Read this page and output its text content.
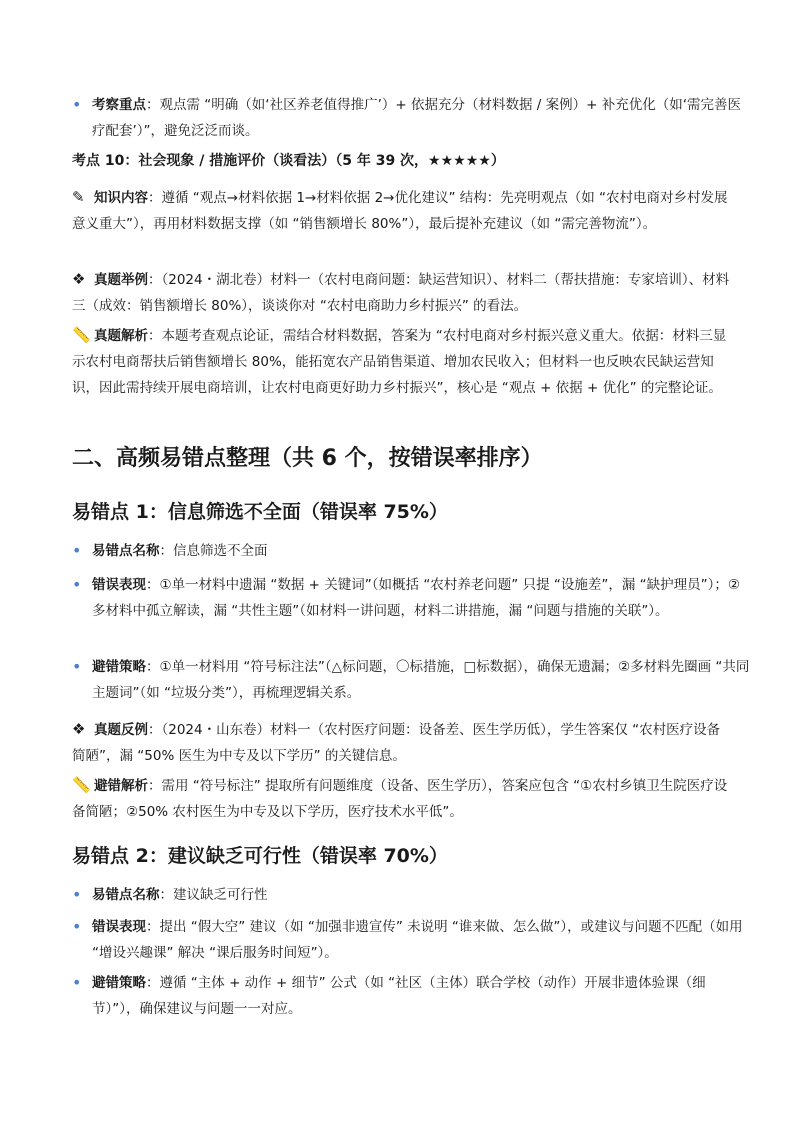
• 考察重点：观点需 “明确（如‘社区养老值得推广’）+ 依据充分（材料数据 / 案例）+ 补充优化（如‘需完善医疗配套’）”，避免泛泛而谈。
考点 10：社会现象 / 措施评价（谈看法）（5 年 39 次，★★★★★）
✎ 知识内容：遵循 “观点→材料依据 1→材料依据 2→优化建议” 结构：先亮明观点（如 “农村电商对乡村发展意义重大”），再用材料数据支撑（如 “销售额增长 80%”），最后提补充建议（如 “需完善物流”）。
❖ 真题举例：（2024・湖北卷）材料一（农村电商问题：缺运营知识）、材料二（帮扶措施：专家培训）、材料三（成效：销售额增长 80%），谈谈你对 “农村电商助力乡村振兴” 的看法。
📏 真题解析：本题考查观点论证，需结合材料数据，答案为 “农村电商对乡村振兴意义重大。依据：材料三显示农村电商帮扶后销售额增长 80%，能拓宽农产品销售渠道、增加农民收入；但材料一也反映农民缺运营知识，因此需持续开展电商培训，让农村电商更好助力乡村振兴”，核心是 “观点 + 依据 + 优化” 的完整论证。
二、高频易错点整理（共 6 个，按错误率排序）
易错点 1：信息筛选不全面（错误率 75%）
• 易错点名称：信息筛选不全面
• 错误表现：①单一材料中遗漏 “数据 + 关键词”（如概括 “农村养老问题” 只提 “设施差”，漏 “缺护理员”）；②多材料中孤立解读，漏 “共性主题”（如材料一讲问题，材料二讲措施，漏 “问题与措施的关联”）。
• 避错策略：①单一材料用 “符号标注法”（△标问题，〇标措施，□标数据），确保无遗漏；②多材料先圈画 “共同主题词”（如 “垃圾分类”），再梳理逻辑关系。
❖ 真题反例：（2024・山东卷）材料一（农村医疗问题：设备差、医生学历低），学生答案仅 “农村医疗设备简陋”，漏 “50% 医生为中专及以下学历” 的关键信息。
📏 避错解析：需用 “符号标注” 提取所有问题维度（设备、医生学历），答案应包含 “①农村乡镇卫生院医疗设备简陋；②50% 农村医生为中专及以下学历，医疗技术水平低”。
易错点 2：建议缺乏可行性（错误率 70%）
• 易错点名称：建议缺乏可行性
• 错误表现：提出 “假大空” 建议（如 “加强非遗宣传” 未说明 “谁来做、怎么做”），或建议与问题不匹配（如用 “增设兴趣课” 解决 “课后服务时间短”）。
• 避错策略：遵循 “主体 + 动作 + 细节” 公式（如 “社区（主体）联合学校（动作）开展非遗体验课（细节）”），确保建议与问题一一对应。
